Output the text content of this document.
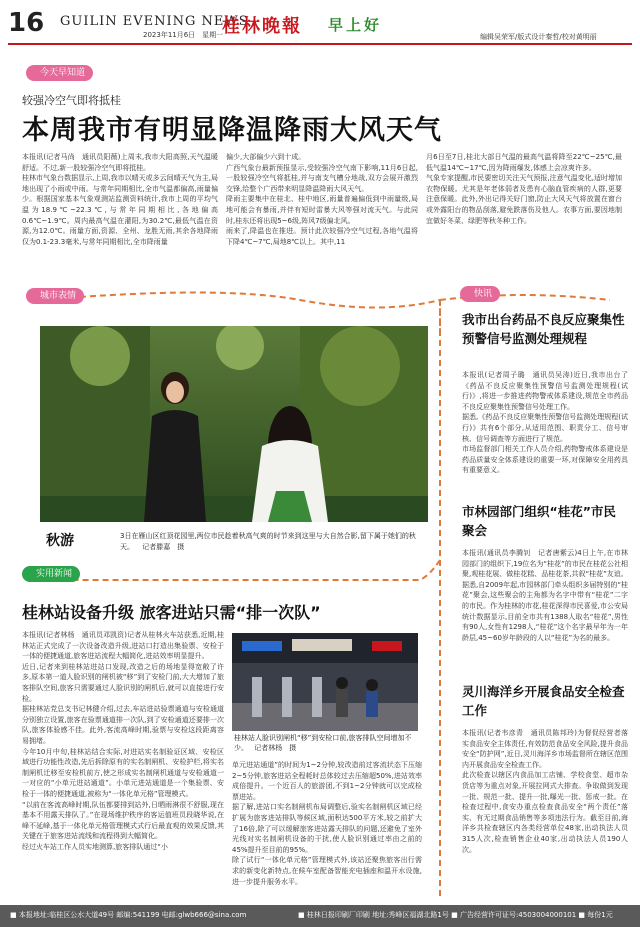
16 GUILIN EVENING NEWS
2023年11月6日　星期一
桂林晚報 早上好
编辑吴荣军/版式设计秦哲/校对黄明丽
今天早知道
较强冷空气即将抵桂
本周我市有明显降温降雨大风天气
本报讯(记者马尚　通讯员阳薇)上周末,我市大阳高照,天气温暖舒适。不过,新一股较强冷空气即将抵桂。
桂林市气象台数据显示,上周,我市以晴天或多云间晴天气为主,局地出现了小雨或中雨。与常年同期相比,全市气温都偏高,雨量偏少。根据国家基本气象观测站监测资料统计,我市上周的平均气温为18.9℃~22.3℃,与常年同期相比,各地偏高0.6℃~1.9℃。周内最高气温在灌阳,为30.2℃,最低气温在资源,为12.0℃。雨量方面,资源、全州、龙胜无雨,其余各地降雨仅为0.1-23.3毫米,与常年同期相比,全市降雨量
偏少,大部偏少六到十成。
广西气象台最新预报显示,受较强冷空气南下影响,11月6日起,一股较强冷空气将抵桂,并与南支气槽分地战,双方会展开激烈交锋,给整个广西带来明显降温降雨大风天气。
降雨主要集中在桂北、桂中地区,雨量普遍偏低到中雨量级,局地可能会有暴雨,并伴有短时雷暴大风等强对流天气。与此同时,桂东还将出现5~6级,阵风7级偏北风。
雨来了,降温也在推进。预计此次较强冷空气过程,各地气温将下降4℃~7℃,局地8℃以上。其中,11
月6日至7日,桂北大部日气温的最高气温将降至22℃~25℃,最低气温14℃~17℃,因为降雨爆发,体感上会凉爽许多。
气象专家提醒,市民要密切关注天气预报,注意气温变化,适时增加衣物保暖。尤其是年老体弱者及患有心脑血管疾病的人群,更要注意保暖。此外,外出记得关好门窗,防止大风天气将放置在窗台或外露阳台的物品刮落,避免跌落伤及他人。农事方面,要因地制宜做好冬菜、绿肥等秋冬种工作。
城市表情
秋游	3日在雁山区红顶花园里,两位市民趁着秋高气爽的时节来到这里与大自然合影,留下属于她们的秋天。 记者滕嘉　摄
实用新闻
桂林站设备升级 旅客进站只需“排一次队”
本报讯(记者林杨　通讯员邓凯资)记者从桂林火车站获悉,近期,桂林站正式完成了一次设备改造升级,进站口打造出集验票、安检于一体的便捷通道,旅客进站流程大幅简化,进站效率明显提升。
近日,记者来到桂林站进站口发现,改造之后的场地显得宽敞了许多,原本第一道人脸识别的闸机被“移”到了安检门前,大大增加了旅客排队空间,旅客只需要通过人脸识别的闸机后,就可以直接进行安检。
据桂林站党总支书记林健介绍,过去,车站进站验票通道与安检通道分别独立设置,旅客在验票通道排一次队,到了安检通道还要排一次队,旅客体验感不佳。此外,客流高峰时期,验票与安检这段距离容易拥堵。
今年10月中旬,桂林站结合实际,对进站实名制验证区域、安检区域进行功能性改造,先后拆除原有的实名制闸机、安检护栏,将实名制闸机迁移至安检机前方,使之形成实名制闸机通道与安检通道一一对应的“小单元进站通道”。小单元进站通道是一个集验票、安检于一体的便捷通道,被称为“一体化单元格”管理模式。
“以前在客流高峰时期,队伍都要排到站外,日晒雨淋很不舒服,现在基本不用露天排队了。”在现场维护秩序的客运值班员段晓华说,在峰不延峰,基于一体化单元格管理模式式行后最直观的效果反馈,其关键在于旅客进站流线和流程得到大幅简化。
经过火车站工作人员实地测算,旅客排队通过“小
桂林站人脸识别闸机“移”到安检口前,旅客排队空间增加不少。 记者林杨　摄
单元进站通道”的时间为1~2分钟,较改造前过客流状态下压缩2~5分钟,旅客进站全程耗时总体较过去压缩超50%,进站效率成倍提升。一个近百人的旅游团,不到1~2分钟就可以完成检票进站。
据了解,进站口实名制闸机布局调整后,验实名制闸机区域已经扩展为旅客进站排队等候区域,面积达500平方米,较之前扩大了16倍,除了可以缓解旅客进站露天排队的问题,还避免了室外光线对实名制闸机设备的干扰,使人脸识别通过率由之前的45%提升至目前的95%。
除了试行“一体化单元格”管理模式外,该站还聚焦旅客出行需求的新变化新特点,在候车室配备智能充电插座和温开水设施,进一步提升服务水平。
快讯
我市出台药品不良反应聚集性预警信号监测处理规程
本报讯(记者周子璐　通讯员吴涛)近日,我市出台了《药品不良反应聚集性预警信号监测处理规程(试行)》,将进一步推进药物警戒体系建设,规范全市药品不良反应聚集性预警信号处理工作。
据悉,《药品不良反应聚集性预警信号监测处理规程(试行)》共有6个部分,从适用范围、职责分工、信号审核、信号调查等方面进行了规范。
市场监督部门相关工作人员介绍,药物警戒体系建设是药品质量安全体系建设的重要一环,对保障安全用药具有重要意义。
市林园部门组织“桂花”市民聚会
本报讯(通讯员李腾钊　记者唐紫云)4日上午,在市林园部门的组织下,19位名为“桂花”的市民在桂花公社相聚,观桂花展、做桂花糕、品桂花茶,共叙“桂花”友谊。
据悉,自2009年起,市园林部门牵头组织多届特别的“桂花”聚会,这些聚会的主角都为名字中带有“桂花”二字的市民。作为桂林的市花,桂花深得市民喜爱,市公安局统计数据显示,目前全市共有1388人取名“桂花”,男性有90人,女性有1298人,“桂花”这个名字最早年为一年龄层,45~60岁年龄段的人以“桂花”为名的最多。
灵川海洋乡开展食品安全检查工作
本报讯(记者韦彦青　通讯员陈邦玲)为督促经营者落实食品安全主体责任,有效防范食品安全风险,提升食品安全“防护网”,近日,灵川海洋乡市场监督所在辖区范围内开展食品安全检查工作。
此次检查以辖区内食品加工店铺、学校食堂、超市杂货店等为重点对象,开展拉网式大排查。争取做到发现一批、规范一批、提升一批,曝光一批、惩戒一批。在检查过程中,食安办重点检查食品安全“两个责任”落实、有无过期食品销售等多项违法行为。截至目前,海洋乡共检查辖区内各类经营单位48家,出动执法人员315人次,检查销售企业40家,出动执法人员190人次。
■ 本报地址:临桂区公水大道49号 邮编:541199 电邮:glwb666@sina.com	■ 桂林日报印刷厂印刷 地址:秀峰区福湖北路1号 ■ 广告经营许可证号:4503004000101 ■ 每份1元
